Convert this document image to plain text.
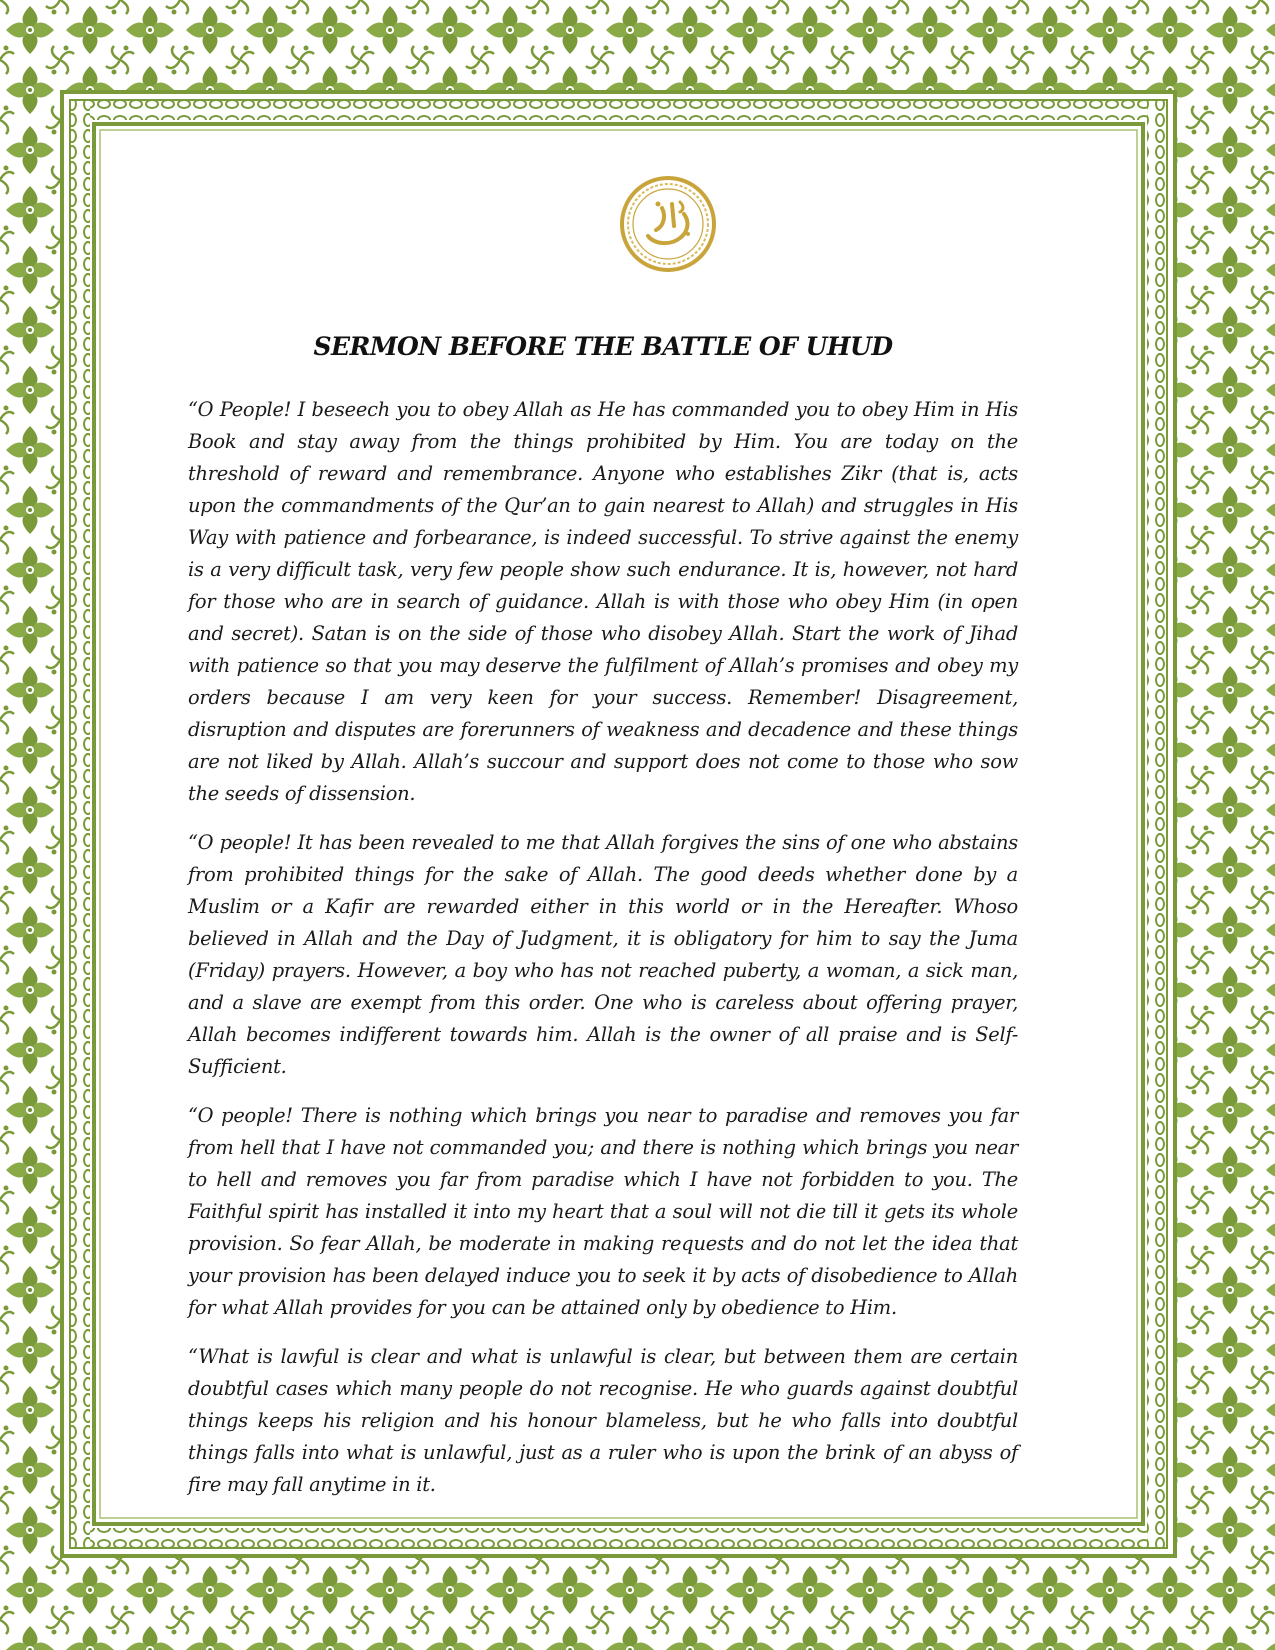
SERMON BEFORE THE BATTLE OF UHUD

“O People! I beseech you to obey Allah as He has commanded you to obey Him in His Book and stay away from the things prohibited by Him. You are today on the threshold of reward and remembrance. Anyone who establishes Zikr (that is, acts upon the commandments of the Qur’an to gain nearest to Allah) and struggles in His Way with patience and forbearance, is indeed successful. To strive against the enemy is a very difficult task, very few people show such endurance. It is, however, not hard for those who are in search of guidance. Allah is with those who obey Him (in open and secret). Satan is on the side of those who disobey Allah. Start the work of Jihad with patience so that you may deserve the fulfilment of Allah’s promises and obey my orders because I am very keen for your success. Remember! Disagreement, disruption and disputes are forerunners of weakness and decadence and these things are not liked by Allah. Allah’s succour and support does not come to those who sow the seeds of dissension.

“O people! It has been revealed to me that Allah forgives the sins of one who abstains from prohibited things for the sake of Allah. The good deeds whether done by a Muslim or a Kafir are rewarded either in this world or in the Hereafter. Whoso believed in Allah and the Day of Judgment, it is obligatory for him to say the Juma (Friday) prayers. However, a boy who has not reached puberty, a woman, a sick man, and a slave are exempt from this order. One who is careless about offering prayer, Allah becomes indifferent towards him. Allah is the owner of all praise and is Self-Sufficient.

“O people! There is nothing which brings you near to paradise and removes you far from hell that I have not commanded you; and there is nothing which brings you near to hell and removes you far from paradise which I have not forbidden to you. The Faithful spirit has installed it into my heart that a soul will not die till it gets its whole provision. So fear Allah, be moderate in making requests and do not let the idea that your provision has been delayed induce you to seek it by acts of disobedience to Allah for what Allah provides for you can be attained only by obedience to Him.

“What is lawful is clear and what is unlawful is clear, but between them are certain doubtful cases which many people do not recognise. He who guards against doubtful things keeps his religion and his honour blameless, but he who falls into doubtful things falls into what is unlawful, just as a ruler who is upon the brink of an abyss of fire may fall anytime in it.
